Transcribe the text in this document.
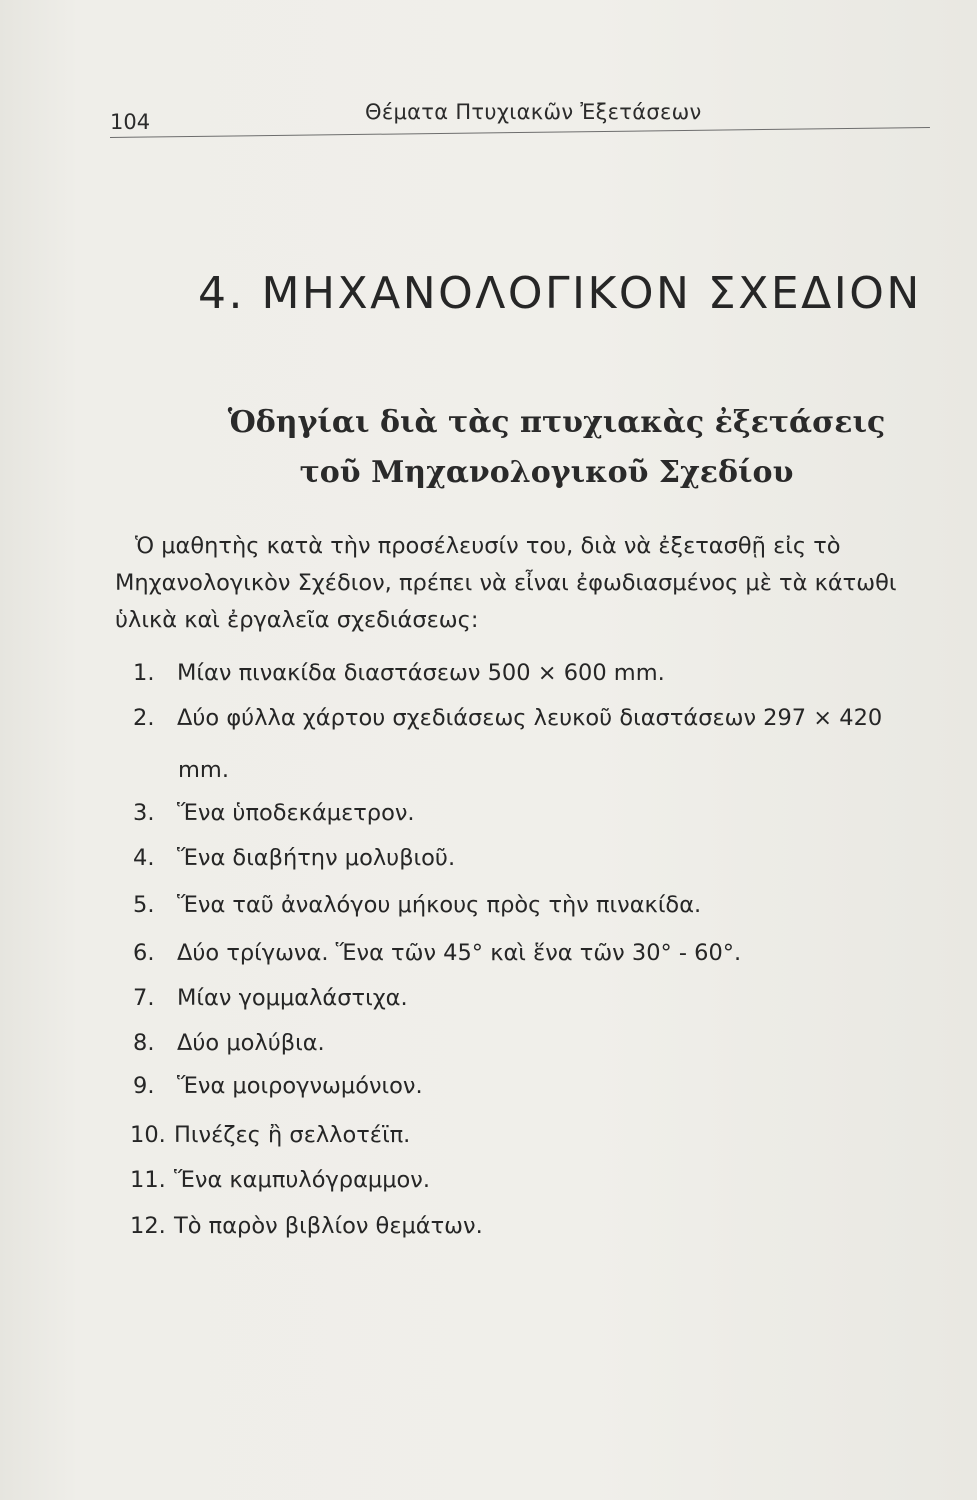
104	Θέματα Πτυχιακῶν Ἐξετάσεων
4. ΜΗΧΑΝΟΛΟΓΙΚΟΝ ΣΧΕΔΙΟΝ
Ὁδηγίαι διὰ τὰς πτυχιακὰς ἐξετάσεις
τοῦ Μηχανολογικοῦ Σχεδίου

Ὁ μαθητὴς κατὰ τὴν προσέλευσίν του, διὰ νὰ ἐξετασθῇ εἰς τὸ
Μηχανολογικὸν Σχέδιον, πρέπει νὰ εἶναι ἐφωδιασμένος μὲ τὰ κάτωθι
ὑλικὰ καὶ ἐργαλεῖα σχεδιάσεως:

1. Μίαν πινακίδα διαστάσεων 500 × 600 mm.
2. Δύο φύλλα χάρτου σχεδιάσεως λευκοῦ διαστάσεων 297 × 420
3. Ἕνα ὑποδεκάμετρον.
4. Ἕνα διαβήτην μολυβιοῦ.
5. Ἕνα ταῦ ἀναλόγου μήκους πρὸς τὴν πινακίδα.
6. Δύο τρίγωνα. Ἕνα τῶν 45° καὶ ἕνα τῶν 30° - 60°.
7. Μίαν γομμαλάστιχα.
8. Δύο μολύβια.
9. Ἕνα μοιρογνωμόνιον.
10. Πινέζες ἢ σελλοτέϊπ.
11. Ἕνα καμπυλόγραμμον.
12. Τὸ παρὸν βιβλίον θεμάτων.
mm.
